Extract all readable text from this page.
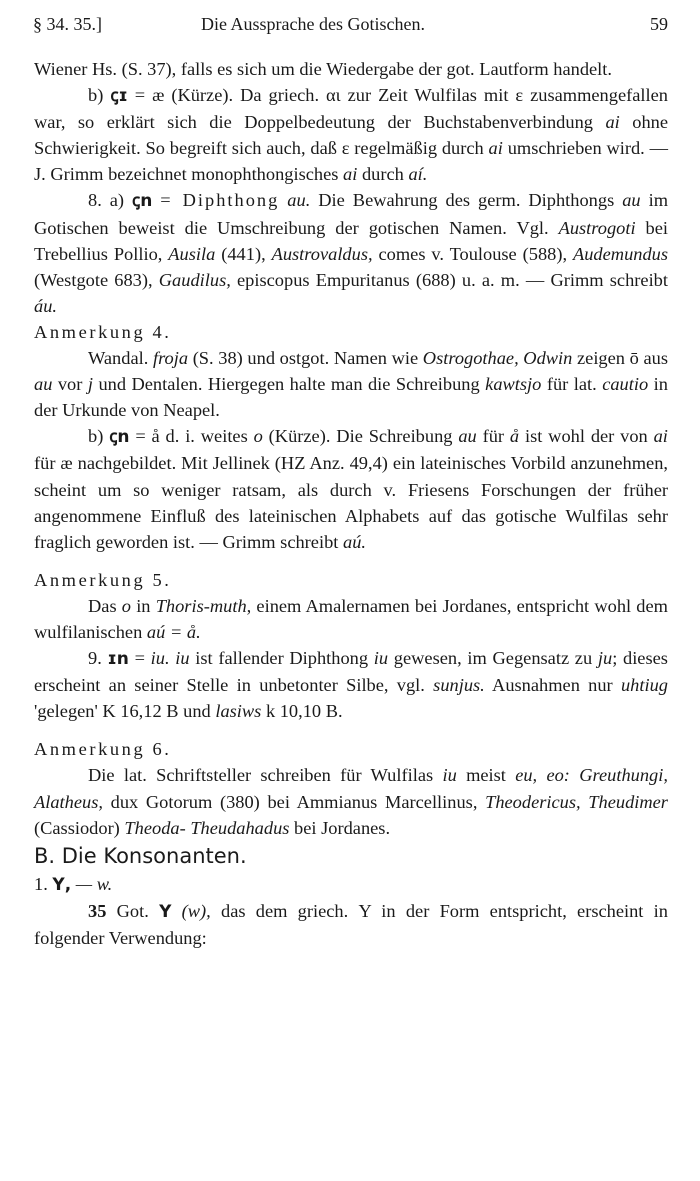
§ 34. 35.]	Die Aussprache des Gotischen.	59

Wiener Hs. (S. 37), falls es sich um die Wiedergabe der got. Lautform handelt.

b) ꞔɪ = æ (Kürze). Da griech. αι zur Zeit Wulfilas mit ε zusammengefallen war, so erklärt sich die Doppelbedeutung der Buchstabenverbindung ai ohne Schwierigkeit. So begreift sich auch, daß ε regelmäßig durch ai umschrieben wird. — J. Grimm bezeichnet monophthongisches ai durch aí.

8. a) ꞔn = Diphthong au. Die Bewahrung des germ. Diphthongs au im Gotischen beweist die Umschreibung der gotischen Namen. Vgl. Austrogoti bei Trebellius Pollio, Ausila (441), Austrovaldus, comes v. Toulouse (588), Audemundus (Westgote 683), Gaudilus, episcopus Empuritanus (688) u. a. m. — Grimm schreibt áu.

Anmerkung 4.

Wandal. froja (S. 38) und ostgot. Namen wie Ostrogothae, Odwin zeigen ō aus au vor j und Dentalen. Hiergegen halte man die Schreibung kawtsjo für lat. cautio in der Urkunde von Neapel.

b) ꞔn = å d. i. weites o (Kürze). Die Schreibung au für å ist wohl der von ai für æ nachgebildet. Mit Jellinek (HZ Anz. 49,4) ein lateinisches Vorbild anzunehmen, scheint um so weniger ratsam, als durch v. Friesens Forschungen der früher angenommene Einfluß des lateinischen Alphabets auf das gotische Wulfilas sehr fraglich geworden ist. — Grimm schreibt aú.

Anmerkung 5.

Das o in Thoris-muth, einem Amalernamen bei Jordanes, entspricht wohl dem wulfilanischen aú = å.

9. ɪn = iu. iu ist fallender Diphthong iu gewesen, im Gegensatz zu ju; dieses erscheint an seiner Stelle in unbetonter Silbe, vgl. sunjus. Ausnahmen nur uhtiug 'gelegen' K 16,12 B und lasiws k 10,10 B.

Anmerkung 6.

Die lat. Schriftsteller schreiben für Wulfilas iu meist eu, eo: Greuthungi, Alatheus, dux Gotorum (380) bei Ammianus Marcellinus, Theodericus, Theudimer (Cassiodor) Theoda- Theudahadus bei Jordanes.

B. Die Konsonanten.

1. Υ, — w.

35 Got. Υ (w), das dem griech. Υ in der Form entspricht, erscheint in folgender Verwendung:
